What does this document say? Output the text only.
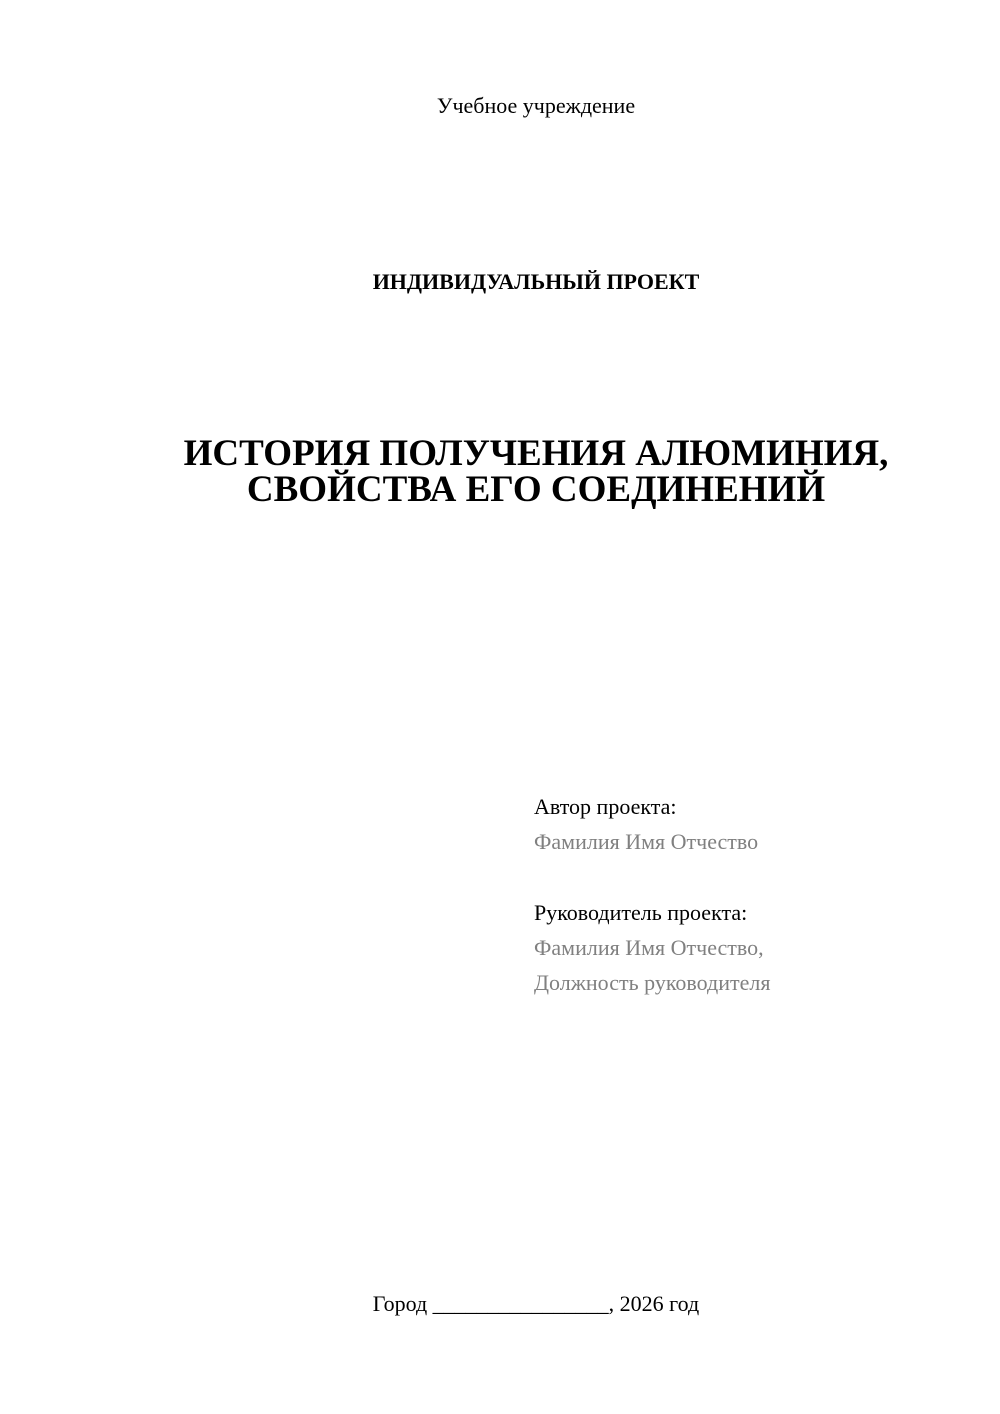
Учебное учреждение
ИНДИВИДУАЛЬНЫЙ ПРОЕКТ
ИСТОРИЯ ПОЛУЧЕНИЯ АЛЮМИНИЯ,
СВОЙСТВА ЕГО СОЕДИНЕНИЙ
Автор проекта:
Фамилия Имя Отчество
Руководитель проекта:
Фамилия Имя Отчество,
Должность руководителя
Город ________________, 2026 год
